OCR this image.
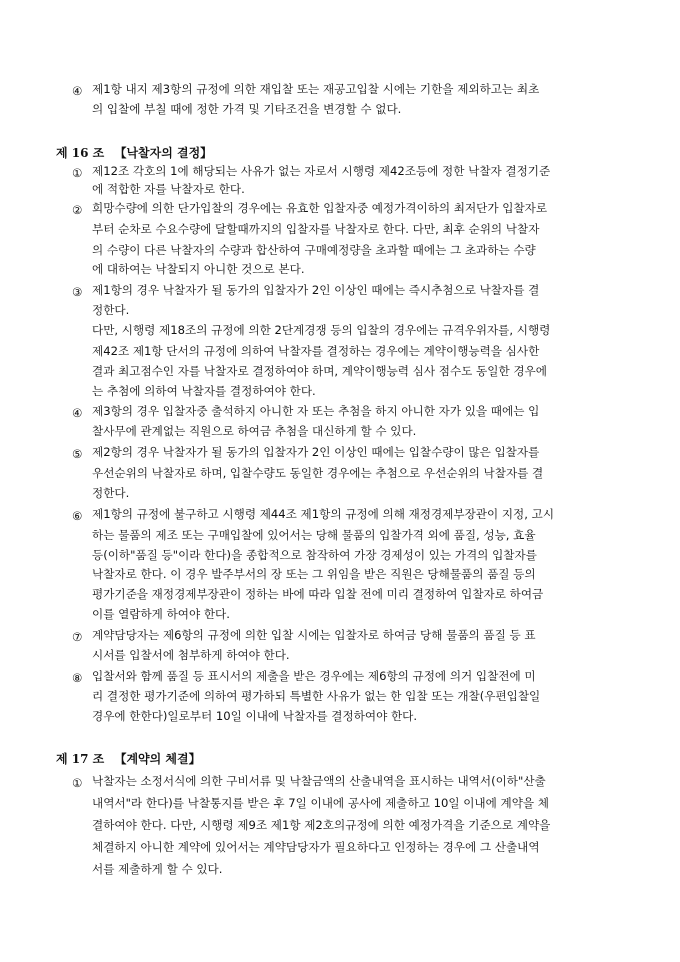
④ 제1항 내지 제3항의 규정에 의한 재입찰 또는 재공고입찰 시에는 기한을 제외하고는 최초
의 입찰에 부칠 때에 정한 가격 및 기타조건을 변경할 수 없다.
제 16 조 【낙찰자의 결정】
① 제12조 각호의 1에 해당되는 사유가 없는 자로서 시행령 제42조등에 정한 낙찰자 결정기준
에 적합한 자를 낙찰자로 한다.
② 희망수량에 의한 단가입찰의 경우에는 유효한 입찰자중 예정가격이하의 최저단가 입찰자로
부터 순차로 수요수량에 달할때까지의 입찰자를 낙찰자로 한다. 다만, 최후 순위의 낙찰자
의 수량이 다른 낙찰자의 수량과 합산하여 구매예정량을 초과할 때에는 그 초과하는 수량
에 대하여는 낙찰되지 아니한 것으로 본다.
③ 제1항의 경우 낙찰자가 될 동가의 입찰자가 2인 이상인 때에는 즉시추첨으로 낙찰자를 결
정한다.
다만, 시행령 제18조의 규정에 의한 2단계경쟁 등의 입찰의 경우에는 규격우위자를, 시행령
제42조 제1항 단서의 규정에 의하여 낙찰자를 결정하는 경우에는 계약이행능력을 심사한
결과 최고점수인 자를 낙찰자로 결정하여야 하며, 계약이행능력 심사 점수도 동일한 경우에
는 추첨에 의하여 낙찰자를 결정하여야 한다.
④ 제3항의 경우 입찰자중 출석하지 아니한 자 또는 추첨을 하지 아니한 자가 있을 때에는 입
찰사무에 관계없는 직원으로 하여금 추첨을 대신하게 할 수 있다.
⑤ 제2항의 경우 낙찰자가 될 동가의 입찰자가 2인 이상인 때에는 입찰수량이 많은 입찰자를
우선순위의 낙찰자로 하며, 입찰수량도 동일한 경우에는 추첨으로 우선순위의 낙찰자를 결
정한다.
⑥ 제1항의 규정에 불구하고 시행령 제44조 제1항의 규정에 의해 재정경제부장관이 지정, 고시
하는 물품의 제조 또는 구매입찰에 있어서는 당해 물품의 입찰가격 외에 품질, 성능, 효율
등(이하"품질 등"이라 한다)을 종합적으로 참작하여 가장 경제성이 있는 가격의 입찰자를
낙찰자로 한다. 이 경우 발주부서의 장 또는 그 위임을 받은 직원은 당해물품의 품질 등의
평가기준을 재정경제부장관이 정하는 바에 따라 입찰 전에 미리 결정하여 입찰자로 하여금
이를 열람하게 하여야 한다.
⑦ 계약담당자는 제6항의 규정에 의한 입찰 시에는 입찰자로 하여금 당해 물품의 품질 등 표
시서를 입찰서에 첨부하게 하여야 한다.
⑧ 입찰서와 함께 품질 등 표시서의 제출을 받은 경우에는 제6항의 규정에 의거 입찰전에 미
리 결정한 평가기준에 의하여 평가하되 특별한 사유가 없는 한 입찰 또는 개찰(우편입찰일
경우에 한한다)일로부터 10일 이내에 낙찰자를 결정하여야 한다.
제 17 조 【계약의 체결】
① 낙찰자는 소정서식에 의한 구비서류 및 낙찰금액의 산출내역을 표시하는 내역서(이하"산출
내역서"라 한다)를 낙찰통지를 받은 후 7일 이내에 공사에 제출하고 10일 이내에 계약을 체
결하여야 한다. 다만, 시행령 제9조 제1항 제2호의규정에 의한 예정가격을 기준으로 계약을
체결하지 아니한 계약에 있어서는 계약담당자가 필요하다고 인정하는 경우에 그 산출내역
서를 제출하게 할 수 있다.
